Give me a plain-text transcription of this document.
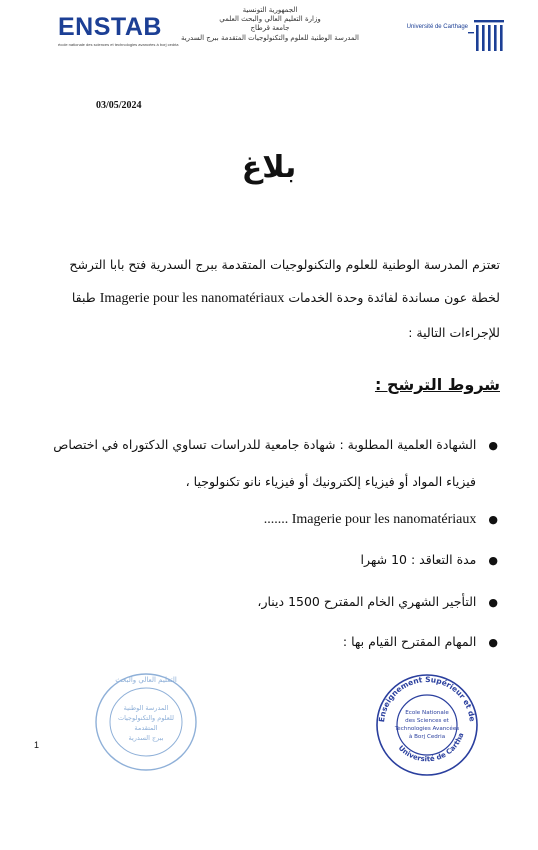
ENSTAB
école nationale des sciences et technologies avancées à borj cedria
الجمهورية التونسية
وزارة التعليم العالي والبحث العلمي
جامعة قرطاج
المدرسة الوطنية للعلوم والتكنولوجيات المتقدمة ببرج السدرية
Université de Carthage
03/05/2024
بلاغ
تعتزم المدرسة الوطنية للعلوم والتكنولوجيات المتقدمة ببرج السدرية فتح بابا الترشح
لخطة عون مساندة لفائدة وحدة الخدمات Imagerie pour les nanomatériaux طبقا
للإجراءات التالية :
شروط الترشح :
●الشهادة العلمية المطلوبة : شهادة جامعية للدراسات تساوي الدكتوراه في اختصاص
فيزياء المواد أو فيزياء إلكترونيك أو فيزياء نانو تكنولوجيا ،
●....... Imagerie pour les nanomatériaux
●مدة التعاقد : 10 شهرا
●التأجير الشهري الخام المقترح 1500 دينار،
●المهام المقترح القيام بها :
1
المدرسة الوطنية
للعلوم والتكنولوجيات
المتقدمة
ببرج السدرية
التعليم العالي والبحث
Enseignement Supérieur et de
Université de Cartha
Ecole Nationale
des Sciences et
Technologies Avancées
à Borj Cedria
